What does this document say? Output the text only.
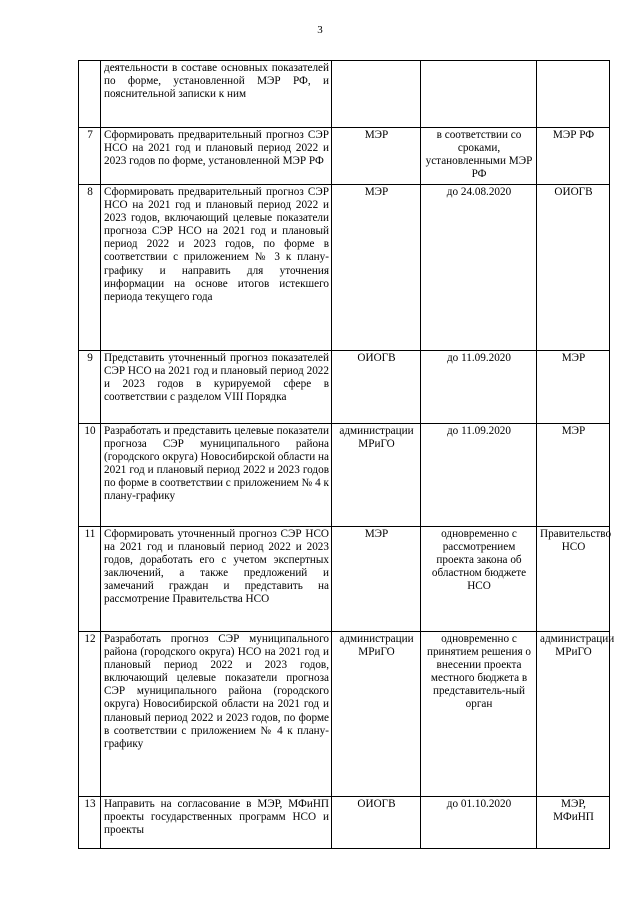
3
	деятельности в составе основных показателей по форме, установленной МЭР РФ, и пояснительной записки к ним			
7	Сформировать предварительный прогноз СЭР НСО на 2021 год и плановый период 2022 и 2023 годов по форме, установленной МЭР РФ	МЭР	в соответствии со сроками, установленными МЭР РФ	МЭР РФ
8	Сформировать предварительный прогноз СЭР НСО на 2021 год и плановый период 2022 и 2023 годов, включающий целевые показатели прогноза СЭР НСО на 2021 год и плановый период 2022 и 2023 годов, по форме в соответствии с приложением № 3 к плану-графику и направить для уточнения информации на основе итогов истекшего периода текущего года	МЭР	до 24.08.2020	ОИОГВ
9	Представить уточненный прогноз показателей СЭР НСО на 2021 год и плановый период 2022 и 2023 годов в курируемой сфере в соответствии с разделом VIII Порядка	ОИОГВ	до 11.09.2020	МЭР
10	Разработать и представить целевые показатели прогноза СЭР муниципального района (городского округа) Новосибирской области на 2021 год и плановый период 2022 и 2023 годов по форме в соответствии с приложением № 4 к плану-графику	администрации МРиГО	до 11.09.2020	МЭР
11	Сформировать уточненный прогноз СЭР НСО на 2021 год и плановый период 2022 и 2023 годов, доработать его с учетом экспертных заключений, а также предложений и замечаний граждан и представить на рассмотрение Правительства НСО	МЭР	одновременно с рассмотрением проекта закона об областном бюджете НСО	Правительство НСО
12	Разработать прогноз СЭР муниципального района (городского округа) НСО на 2021 год и плановый период 2022 и 2023 годов, включающий целевые показатели прогноза СЭР муниципального района (городского округа) Новосибирской области на 2021 год и плановый период 2022 и 2023 годов, по форме в соответствии с приложением № 4 к плану-графику	администрации МРиГО	одновременно с принятием решения о внесении проекта местного бюджета в представитель-ный орган	администрации МРиГО
13	Направить на согласование в МЭР, МФиНП проекты государственных программ НСО и проекты	ОИОГВ	до 01.10.2020	МЭР, МФиНП
